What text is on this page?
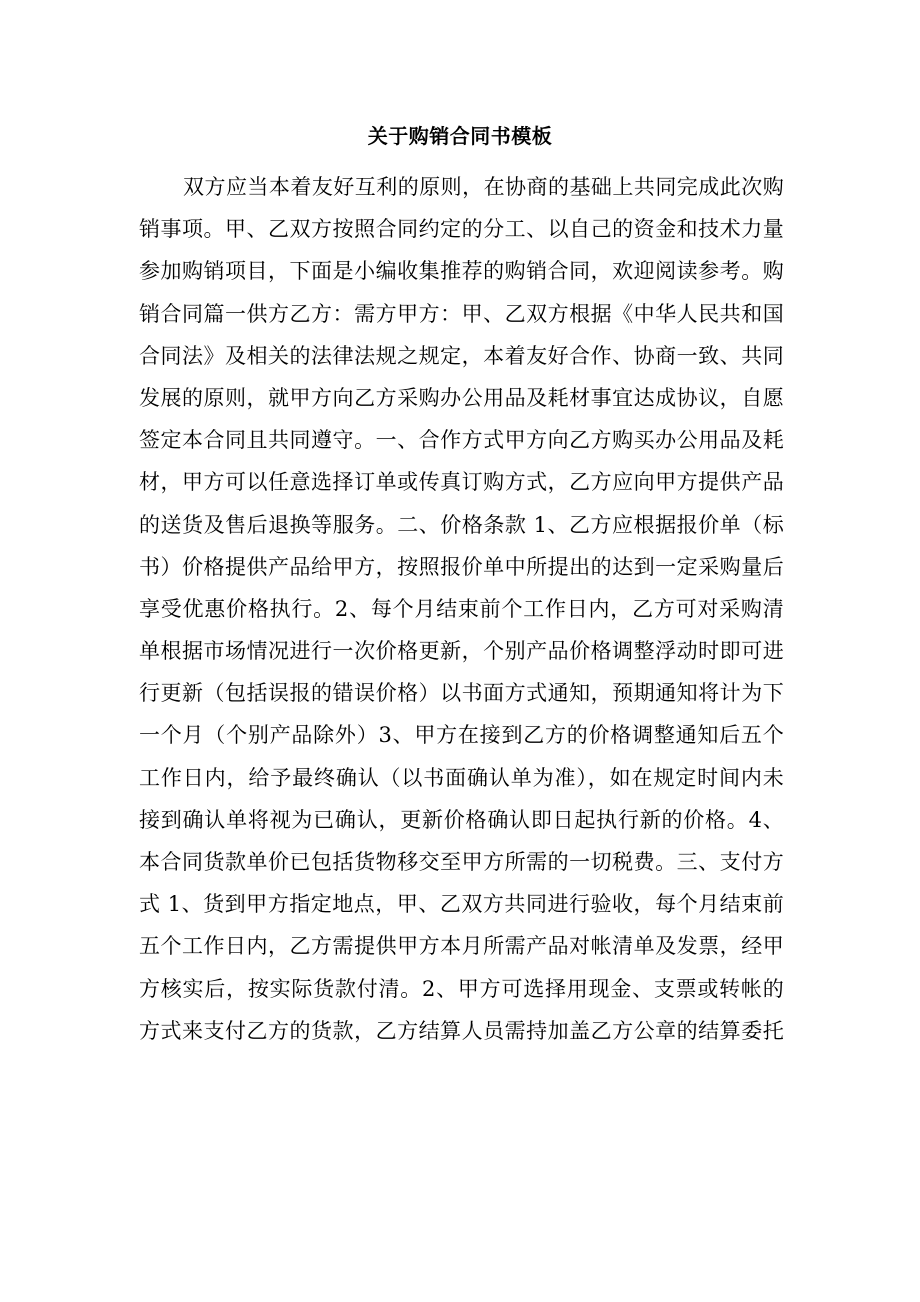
关于购销合同书模板
双方应当本着友好互利的原则，在协商的基础上共同完成此次购
销事项。甲、乙双方按照合同约定的分工、以自己的资金和技术力量
参加购销项目，下面是小编收集推荐的购销合同，欢迎阅读参考。购
销合同篇一供方乙方：需方甲方：甲、乙双方根据《中华人民共和国
合同法》及相关的法律法规之规定，本着友好合作、协商一致、共同
发展的原则，就甲方向乙方采购办公用品及耗材事宜达成协议，自愿
签定本合同且共同遵守。一、合作方式甲方向乙方购买办公用品及耗
材，甲方可以任意选择订单或传真订购方式，乙方应向甲方提供产品
的送货及售后退换等服务。二、价格条款 1、乙方应根据报价单（标
书）价格提供产品给甲方，按照报价单中所提出的达到一定采购量后
享受优惠价格执行。2、每个月结束前个工作日内，乙方可对采购清
单根据市场情况进行一次价格更新，个别产品价格调整浮动时即可进
行更新（包括误报的错误价格）以书面方式通知，预期通知将计为下
一个月（个别产品除外）3、甲方在接到乙方的价格调整通知后五个
工作日内，给予最终确认（以书面确认单为准），如在规定时间内未
接到确认单将视为已确认，更新价格确认即日起执行新的价格。4、
本合同货款单价已包括货物移交至甲方所需的一切税费。三、支付方
式 1、货到甲方指定地点，甲、乙双方共同进行验收，每个月结束前
五个工作日内，乙方需提供甲方本月所需产品对帐清单及发票，经甲
方核实后，按实际货款付清。2、甲方可选择用现金、支票或转帐的
方式来支付乙方的货款，乙方结算人员需持加盖乙方公章的结算委托
